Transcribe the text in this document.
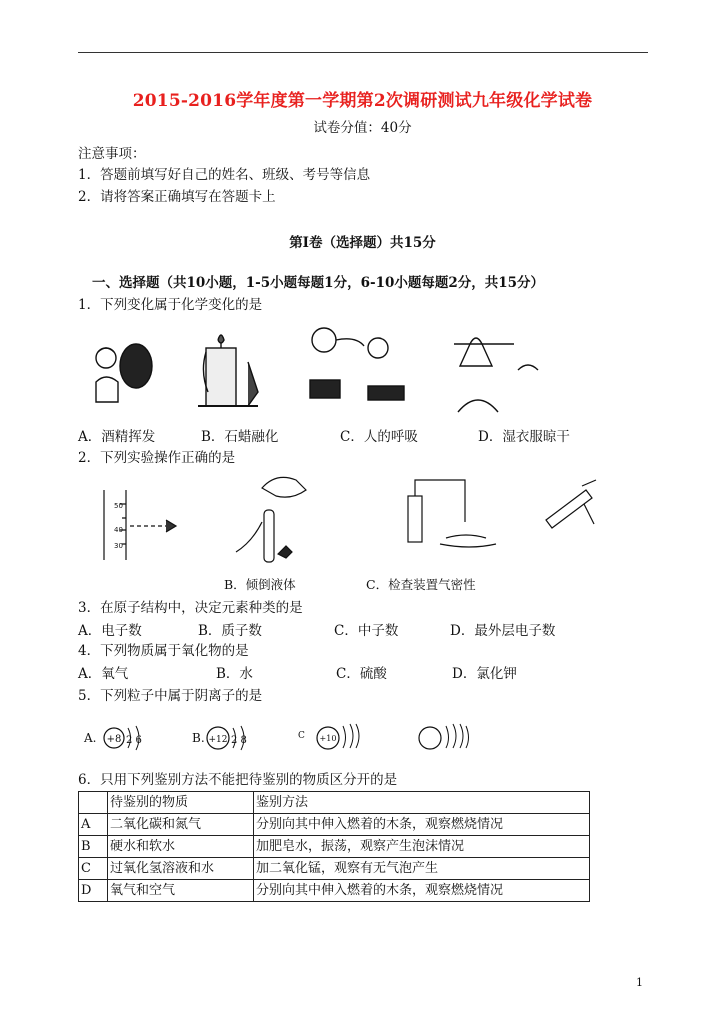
2015-2016学年度第一学期第2次调研测试九年级化学试卷
试卷分值：40分
注意事项：
1．答题前填写好自己的姓名、班级、考号等信息
2．请将答案正确填写在答题卡上
第I卷（选择题）共15分
一、选择题（共10小题，1-5小题每题1分，6-10小题每题2分，共15分）
1．下列变化属于化学变化的是
A．酒精挥发	B．石蜡融化	C．人的呼吸	D．湿衣服晾干
2．下列实验操作正确的是
50
40
30
B．倾倒液体	C．检查装置气密性
3．在原子结构中，决定元素种类的是
A．电子数	B．质子数	C．中子数	D．最外层电子数
4．下列物质属于氧化物的是
A．氧气	B．水	C．硫酸	D．氯化钾
5．下列粒子中属于阴离子的是
A. +8 2 6	B. +12 2 8	C +10
6．只用下列鉴别方法不能把待鉴别的物质区分开的是
	待鉴别的物质	鉴别方法
A	二氧化碳和氮气	分别向其中伸入燃着的木条，观察燃烧情况
B	硬水和软水	加肥皂水，振荡，观察产生泡沫情况
C	过氧化氢溶液和水	加二氧化锰，观察有无气泡产生
D	氧气和空气	分别向其中伸入燃着的木条，观察燃烧情况
1
